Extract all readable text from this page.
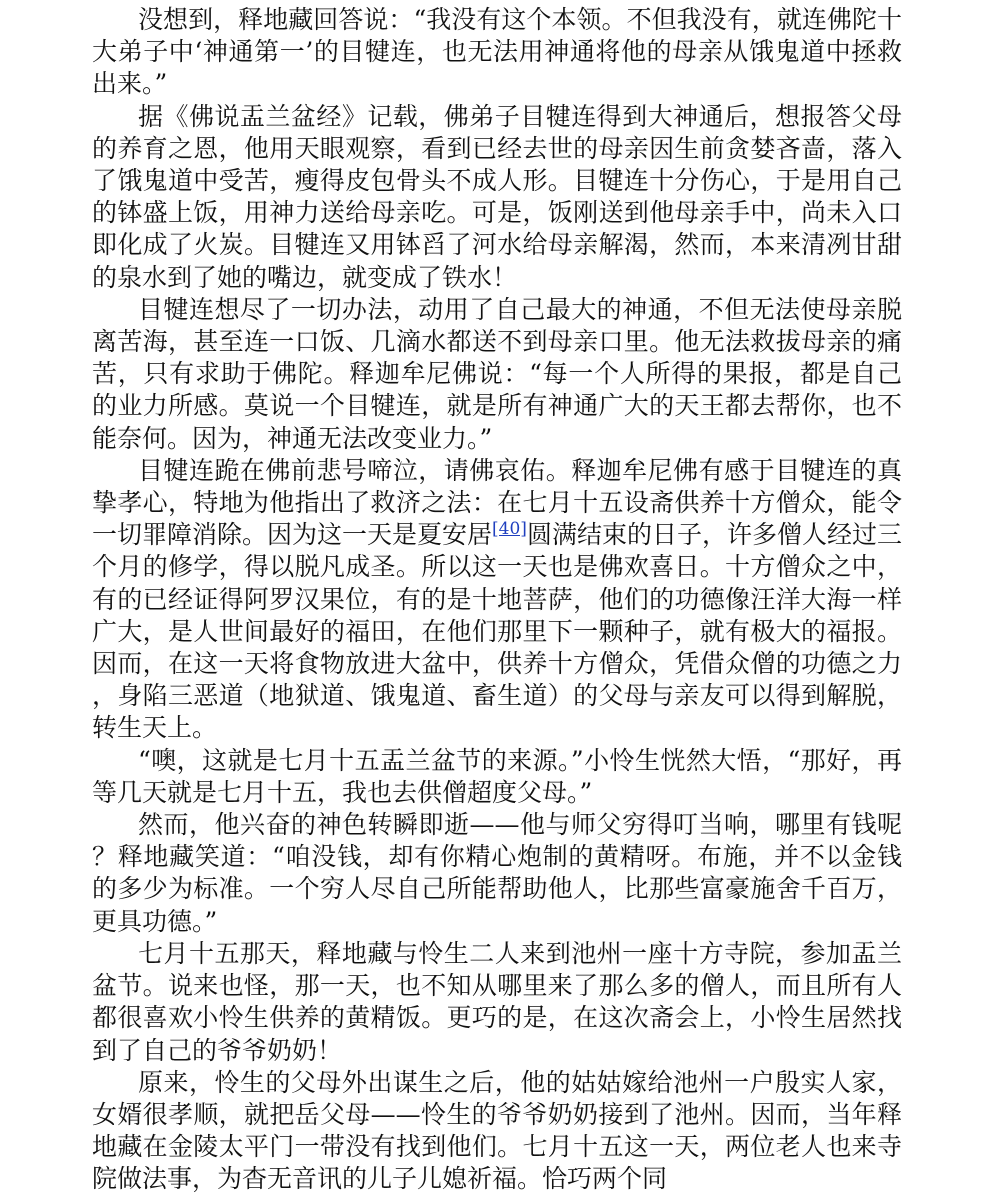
没想到，释地藏回答说：“我没有这个本领。不但我没有，就连佛陀十大弟子中‘神通第一’的目犍连，也无法用神通将他的母亲从饿鬼道中拯救出来。”

据《佛说盂兰盆经》记载，佛弟子目犍连得到大神通后，想报答父母的养育之恩，他用天眼观察，看到已经去世的母亲因生前贪婪吝啬，落入了饿鬼道中受苦，瘦得皮包骨头不成人形。目犍连十分伤心，于是用自己的钵盛上饭，用神力送给母亲吃。可是，饭刚送到他母亲手中，尚未入口即化成了火炭。目犍连又用钵舀了河水给母亲解渴，然而，本来清冽甘甜的泉水到了她的嘴边，就变成了铁水！

目犍连想尽了一切办法，动用了自己最大的神通，不但无法使母亲脱离苦海，甚至连一口饭、几滴水都送不到母亲口里。他无法救拔母亲的痛苦，只有求助于佛陀。释迦牟尼佛说：“每一个人所得的果报，都是自己的业力所感。莫说一个目犍连，就是所有神通广大的天王都去帮你，也不能奈何。因为，神通无法改变业力。”

目犍连跪在佛前悲号啼泣，请佛哀佑。释迦牟尼佛有感于目犍连的真挚孝心，特地为他指出了救济之法：在七月十五设斋供养十方僧众，能令一切罪障消除。因为这一天是夏安居[40]圆满结束的日子，许多僧人经过三个月的修学，得以脱凡成圣。所以这一天也是佛欢喜日。十方僧众之中，有的已经证得阿罗汉果位，有的是十地菩萨，他们的功德像汪洋大海一样广大，是人世间最好的福田，在他们那里下一颗种子，就有极大的福报。因而，在这一天将食物放进大盆中，供养十方僧众，凭借众僧的功德之力，身陷三恶道（地狱道、饿鬼道、畜生道）的父母与亲友可以得到解脱，转生天上。

“噢，这就是七月十五盂兰盆节的来源。”小怜生恍然大悟，“那好，再等几天就是七月十五，我也去供僧超度父母。”

然而，他兴奋的神色转瞬即逝——他与师父穷得叮当响，哪里有钱呢？释地藏笑道：“咱没钱，却有你精心炮制的黄精呀。布施，并不以金钱的多少为标准。一个穷人尽自己所能帮助他人，比那些富豪施舍千百万，更具功德。”

七月十五那天，释地藏与怜生二人来到池州一座十方寺院，参加盂兰盆节。说来也怪，那一天，也不知从哪里来了那么多的僧人，而且所有人都很喜欢小怜生供养的黄精饭。更巧的是，在这次斋会上，小怜生居然找到了自己的爷爷奶奶！

原来，怜生的父母外出谋生之后，他的姑姑嫁给池州一户殷实人家，女婿很孝顺，就把岳父母——怜生的爷爷奶奶接到了池州。因而，当年释地藏在金陵太平门一带没有找到他们。七月十五这一天，两位老人也来寺院做法事，为杳无音讯的儿子儿媳祈福。恰巧两个同
